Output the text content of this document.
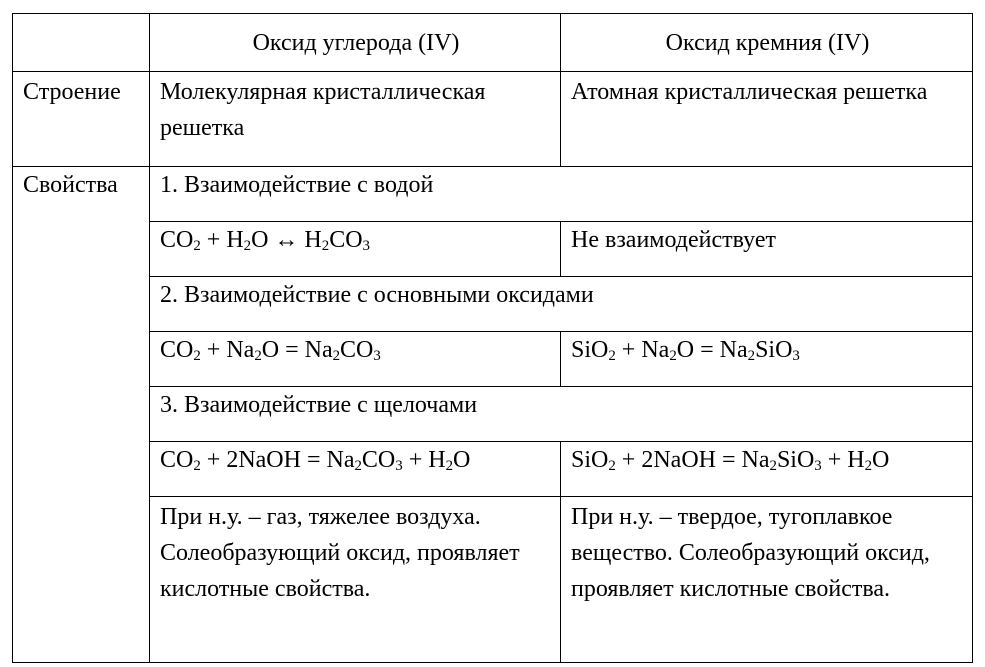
	Оксид углерода (IV)	Оксид кремния (IV)
Строение	Молекулярная кристаллическая решетка	Атомная кристаллическая решетка
Свойства	1. Взаимодействие с водой	
	$CO_2 + H_2O$ ↔ $H_2CO_3$	Не взаимодействует
	2. Взаимодействие с основными оксидами	
	$CO_2 + Na_2O = Na_2CO_3$	$SiO_2 + Na_2O = Na_2SiO_3$
	3. Взаимодействие с щелочами	
	$CO_2$ + 2NaOH = $Na_2CO_3 + H_2O$	SiO$_2$ + 2NaOH = $Na_2SiO_3 + H_2O$
	При н.у. – газ, тяжелее воздуха. Солеобразующий оксид, проявляет кислотные свойства.	При н.у. – твердое, тугоплавкое вещество. Солеобразующий оксид, проявляет кислотные свойства.
